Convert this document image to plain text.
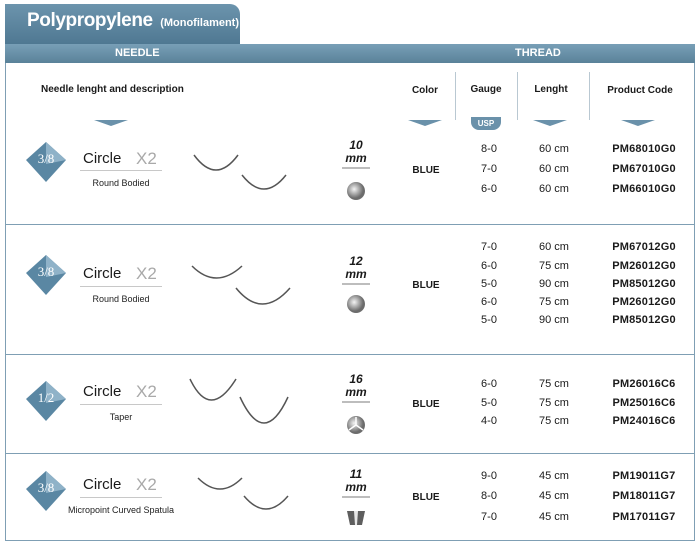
Polypropylene (Monofilament)
NEEDLE	THREAD
Needle lenght and description	Color	Gauge	Lenght	Product Code
USP
3/8	Circle X2
Round Bodied
10
mm
BLUE
8-0	60 cm	PM68010G0
7-0	60 cm	PM67010G0
6-0	60 cm	PM66010G0
3/8	Circle X2
Round Bodied
12
mm
BLUE
7-0	60 cm	PM67012G0
6-0	75 cm	PM26012G0
5-0	90 cm	PM85012G0
6-0	75 cm	PM26012G0
5-0	90 cm	PM85012G0
1/2	Circle X2
Taper
16
mm
BLUE
6-0	75 cm	PM26016C6
5-0	75 cm	PM25016C6
4-0	75 cm	PM24016C6
3/8	Circle X2
Micropoint Curved Spatula
11
mm
BLUE
9-0	45 cm	PM19011G7
8-0	45 cm	PM18011G7
7-0	45 cm	PM17011G7
